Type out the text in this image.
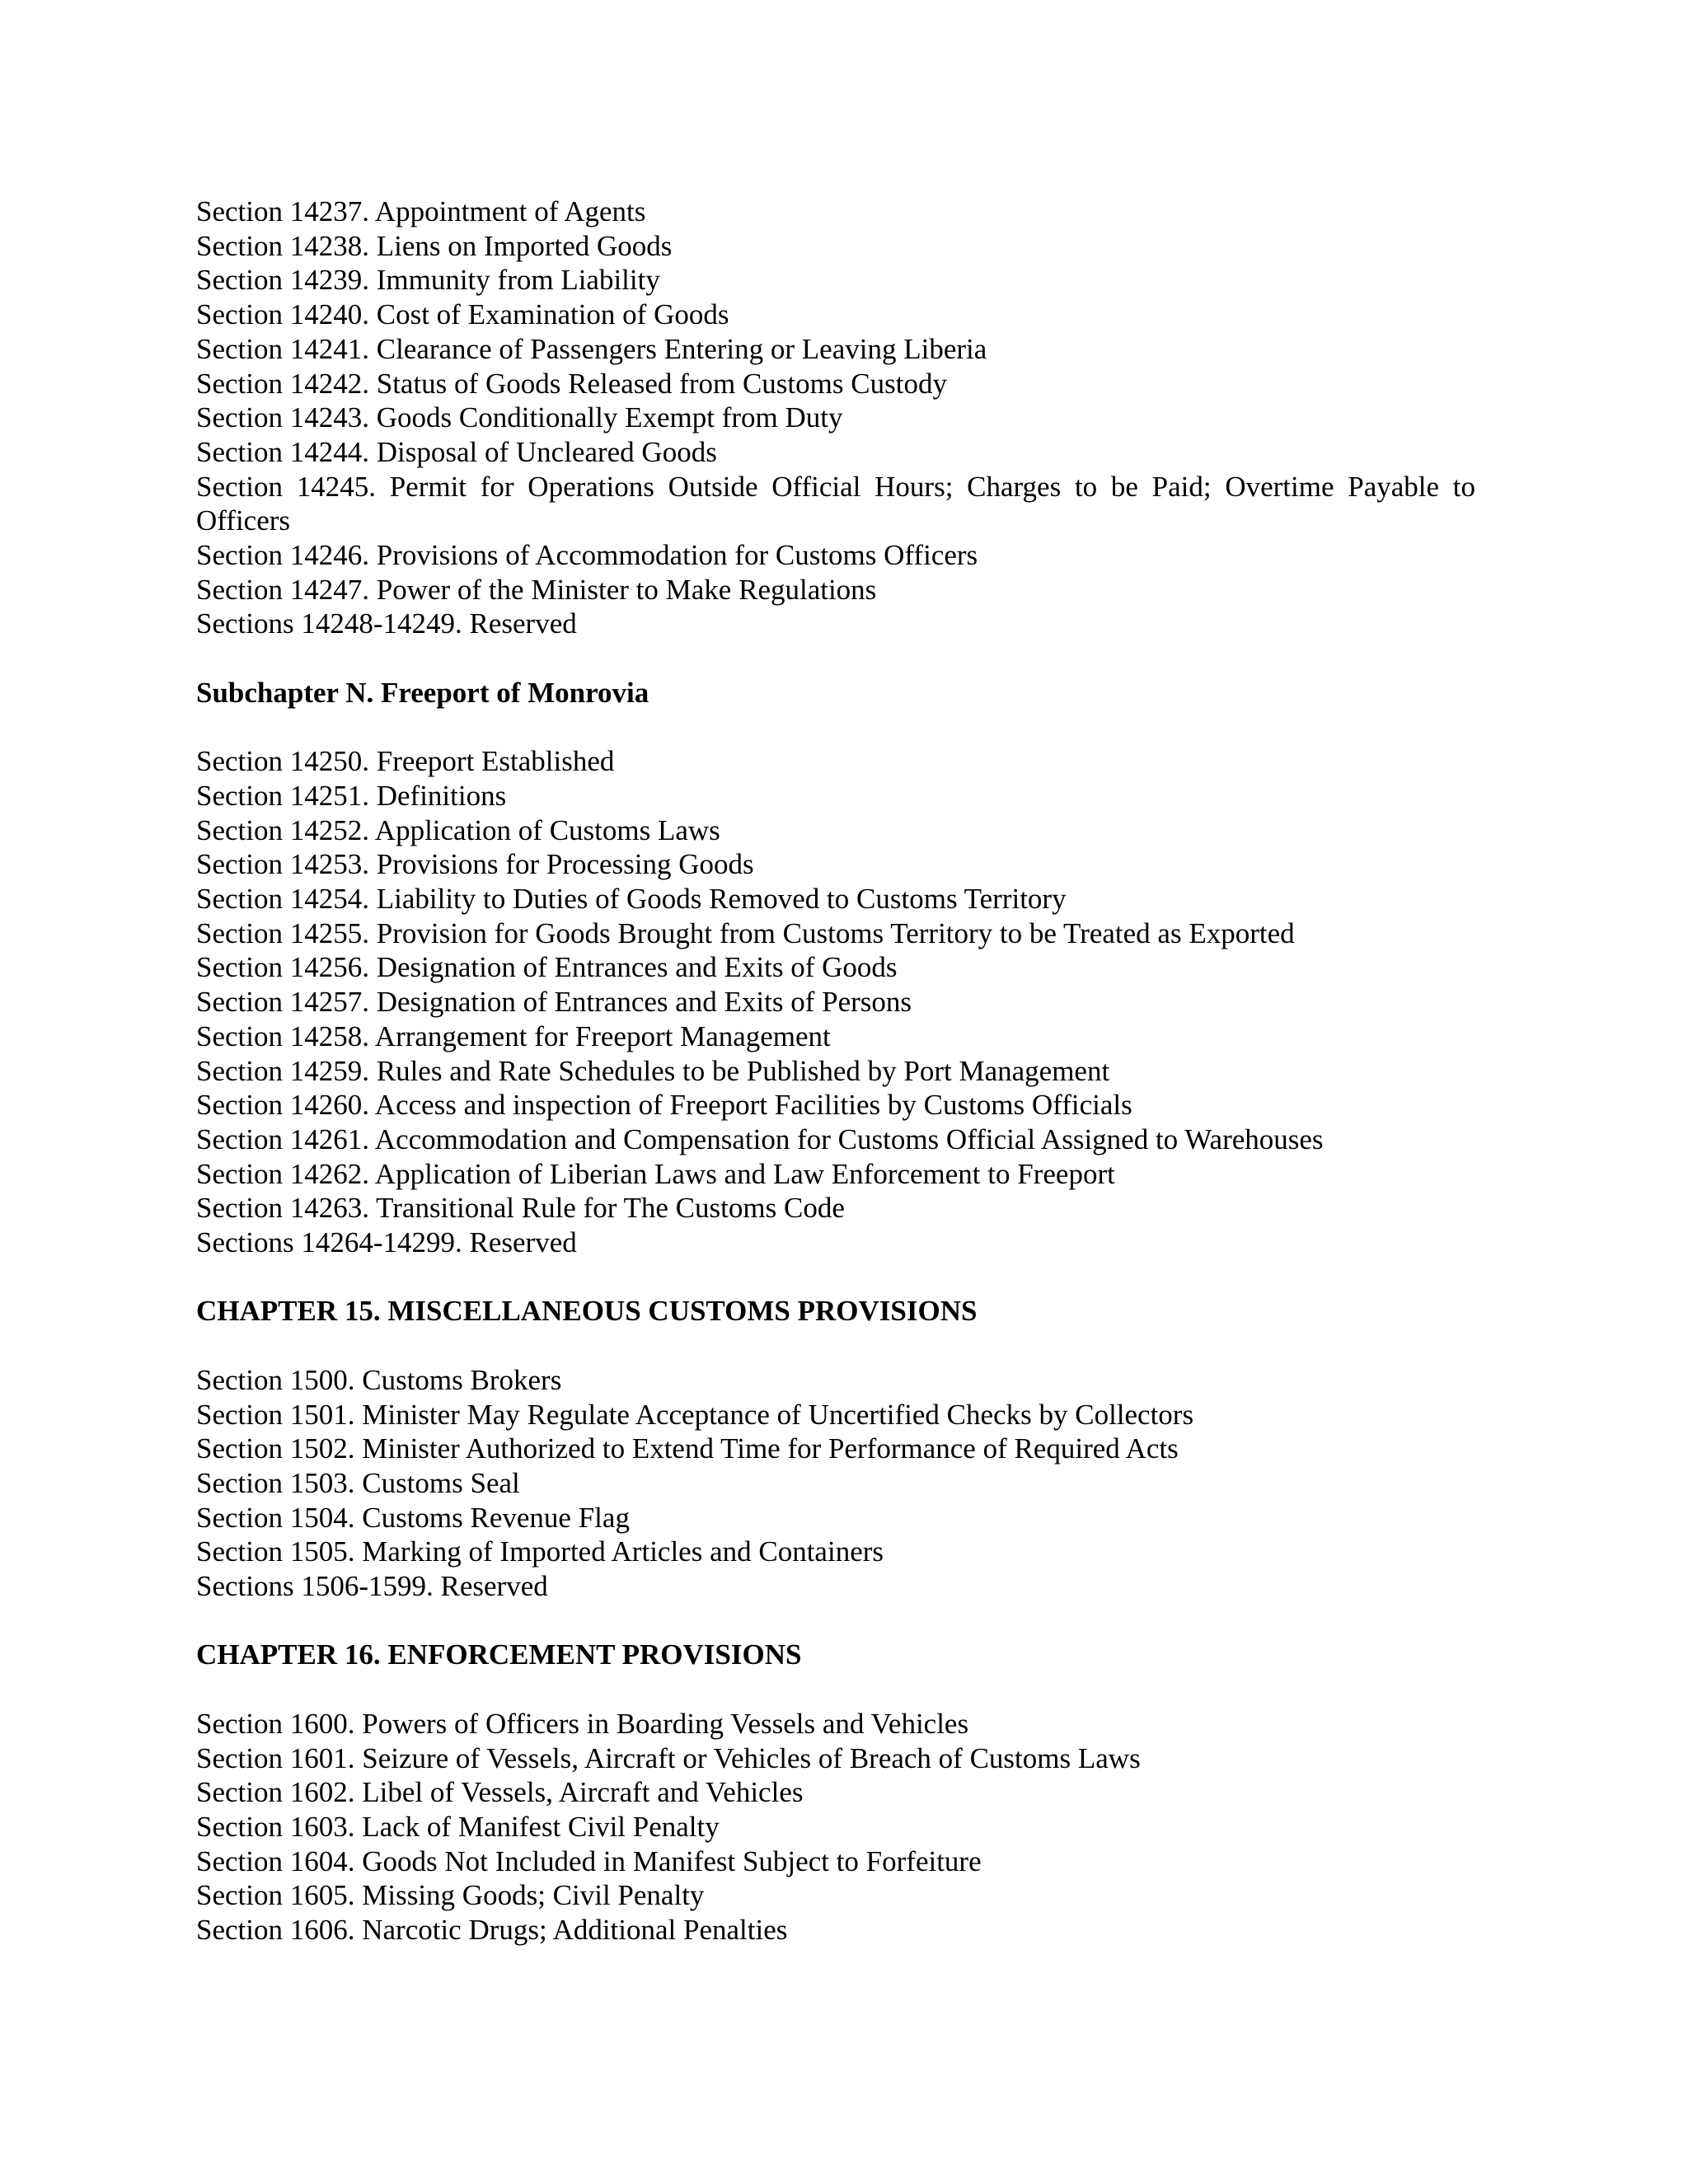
Section 14237. Appointment of Agents
Section 14238. Liens on Imported Goods
Section 14239. Immunity from Liability
Section 14240. Cost of Examination of Goods
Section 14241. Clearance of Passengers Entering or Leaving Liberia
Section 14242. Status of Goods Released from Customs Custody
Section 14243. Goods Conditionally Exempt from Duty
Section 14244. Disposal of Uncleared Goods
Section 14245. Permit for Operations Outside Official Hours; Charges to be Paid; Overtime Payable to Officers
Section 14246. Provisions of Accommodation for Customs Officers
Section 14247. Power of the Minister to Make Regulations
Sections 14248-14249. Reserved
Subchapter N. Freeport of Monrovia
Section 14250. Freeport Established
Section 14251. Definitions
Section 14252. Application of Customs Laws
Section 14253. Provisions for Processing Goods
Section 14254. Liability to Duties of Goods Removed to Customs Territory
Section 14255. Provision for Goods Brought from Customs Territory to be Treated as Exported
Section 14256. Designation of Entrances and Exits of Goods
Section 14257. Designation of Entrances and Exits of Persons
Section 14258. Arrangement for Freeport Management
Section 14259. Rules and Rate Schedules to be Published by Port Management
Section 14260. Access and inspection of Freeport Facilities by Customs Officials
Section 14261. Accommodation and Compensation for Customs Official Assigned to Warehouses
Section 14262. Application of Liberian Laws and Law Enforcement to Freeport
Section 14263. Transitional Rule for The Customs Code
Sections 14264-14299. Reserved
CHAPTER 15. MISCELLANEOUS CUSTOMS PROVISIONS
Section 1500. Customs Brokers
Section 1501. Minister May Regulate Acceptance of Uncertified Checks by Collectors
Section 1502. Minister Authorized to Extend Time for Performance of Required Acts
Section 1503. Customs Seal
Section 1504. Customs Revenue Flag
Section 1505. Marking of Imported Articles and Containers
Sections 1506-1599. Reserved
CHAPTER 16. ENFORCEMENT PROVISIONS
Section 1600. Powers of Officers in Boarding Vessels and Vehicles
Section 1601. Seizure of Vessels, Aircraft or Vehicles of Breach of Customs Laws
Section 1602. Libel of Vessels, Aircraft and Vehicles
Section 1603. Lack of Manifest Civil Penalty
Section 1604. Goods Not Included in Manifest Subject to Forfeiture
Section 1605. Missing Goods; Civil Penalty
Section 1606. Narcotic Drugs; Additional Penalties
